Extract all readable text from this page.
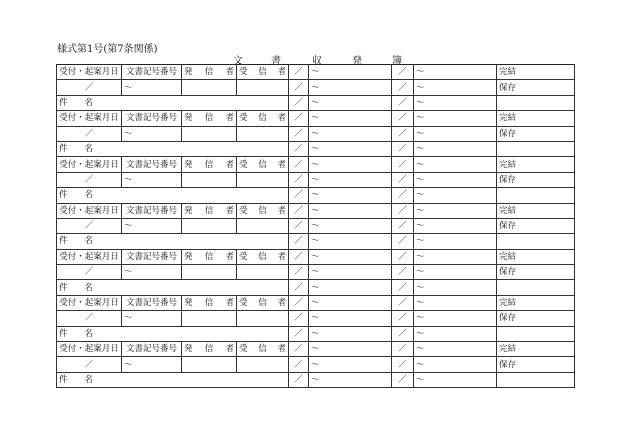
様式第1号(第7条関係)
文	書	収	発	簿
受付・起案月日	文書記号番号	発 信 者	受 信 者	／	～	／	～	完結
／	～			／	～	／	～	保存
件　　名				／	～	／	～	
受付・起案月日	文書記号番号	発 信 者	受 信 者	／	～	／	～	完結
／	～			／	～	／	～	保存
件　　名				／	～	／	～	
受付・起案月日	文書記号番号	発 信 者	受 信 者	／	～	／	～	完結
／	～			／	～	／	～	保存
件　　名				／	～	／	～	
受付・起案月日	文書記号番号	発 信 者	受 信 者	／	～	／	～	完結
／	～			／	～	／	～	保存
件　　名				／	～	／	～	
受付・起案月日	文書記号番号	発 信 者	受 信 者	／	～	／	～	完結
／	～			／	～	／	～	保存
件　　名				／	～	／	～	
受付・起案月日	文書記号番号	発 信 者	受 信 者	／	～	／	～	完結
／	～			／	～	／	～	保存
件　　名				／	～	／	～	
受付・起案月日	文書記号番号	発 信 者	受 信 者	／	～	／	～	完結
／	～			／	～	／	～	保存
件　　名				／	～	／	～	
